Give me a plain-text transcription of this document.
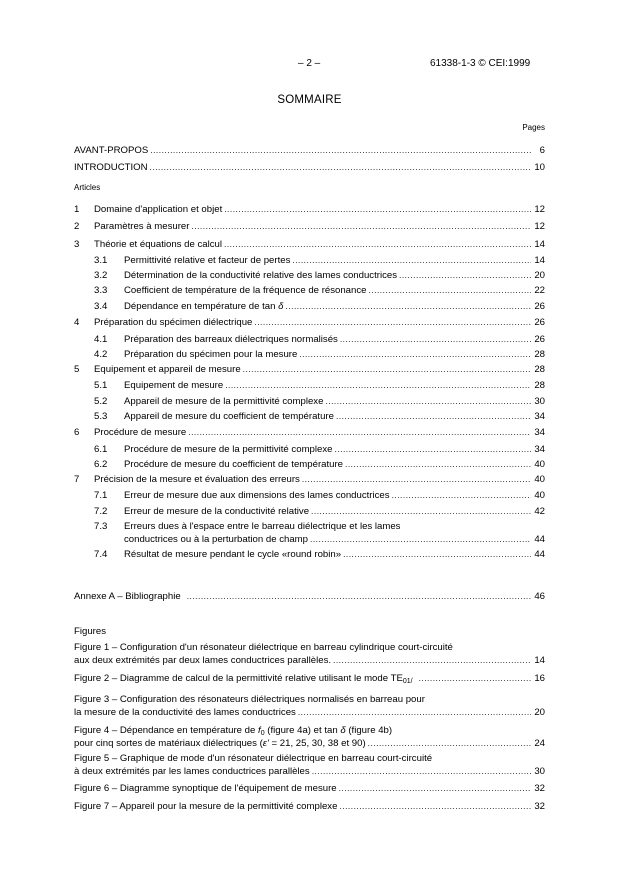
– 2 –	61338-1-3 © CEI:1999
SOMMAIRE
Pages
AVANT-PROPOS .....	6
INTRODUCTION .....	10
Articles
1 Domaine d'application et objet .....	12
2 Paramètres à mesurer .....	12
3 Théorie et équations de calcul .....	14
3.1 Permittivité relative et facteur de pertes .....	14
3.2 Détermination de la conductivité relative des lames conductrices .....	20
3.3 Coefficient de température de la fréquence de résonance .....	22
3.4 Dépendance en température de tan δ .....	26
4 Préparation du spécimen diélectrique .....	26
4.1 Préparation des barreaux diélectriques normalisés .....	26
4.2 Préparation du spécimen pour la mesure .....	28
5 Equipement et appareil de mesure .....	28
5.1 Equipement de mesure .....	28
5.2 Appareil de mesure de la permittivité complexe .....	30
5.3 Appareil de mesure du coefficient de température .....	34
6 Procédure de mesure .....	34
6.1 Procédure de mesure de la permittivité complexe .....	34
6.2 Procédure de mesure du coefficient de température .....	40
7 Précision de la mesure et évaluation des erreurs .....	40
7.1 Erreur de mesure due aux dimensions des lames conductrices .....	40
7.2 Erreur de mesure de la conductivité relative .....	42
7.3 Erreurs dues à l'espace entre le barreau diélectrique et les lames
conductrices ou à la perturbation de champ .....	44
7.4 Résultat de mesure pendant le cycle «round robin» .....	44
Annexe A – Bibliographie .....	46
Figures
Figure 1 – Configuration d'un résonateur diélectrique en barreau cylindrique court-circuité
aux deux extrémités par deux lames conductrices parallèles. .....	14
Figure 2 – Diagramme de calcul de la permittivité relative utilisant le mode $TE_{01/}$ .....	16
Figure 3 – Configuration des résonateurs diélectriques normalisés en barreau pour
la mesure de la conductivité des lames conductrices .....	20
Figure 4 – Dépendance en température de $f_0$ (figure 4a) et tan δ (figure 4b)
pour cinq sortes de matériaux diélectriques (ε' = 21, 25, 30, 38 et 90) .....	24
Figure 5 – Graphique de mode d'un résonateur diélectrique en barreau court-circuité
à deux extrémités par les lames conductrices parallèles .....	30
Figure 6 – Diagramme synoptique de l'équipement de mesure .....	32
Figure 7 – Appareil pour la mesure de la permittivité complexe .....	32
